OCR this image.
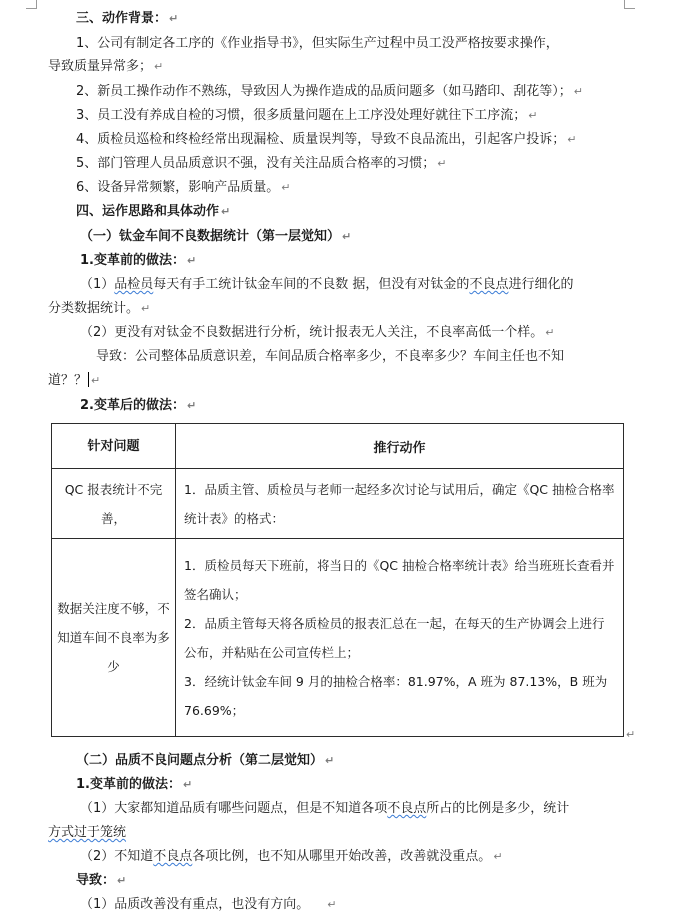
三、动作背景： ↵
1、公司有制定各工序的《作业指导书》，但实际生产过程中员工没严格按要求操作，
导致质量异常多； ↵
2、新员工操作动作不熟练，导致因人为操作造成的品质问题多（如马踏印、刮花等）； ↵
3、员工没有养成自检的习惯，很多质量问题在上工序没处理好就往下工序流； ↵
4、质检员巡检和终检经常出现漏检、质量误判等，导致不良品流出，引起客户投诉； ↵
5、部门管理人员品质意识不强，没有关注品质合格率的习惯； ↵
6、设备异常频繁，影响产品质量。 ↵
四、运作思路和具体动作 ↵
（一）钛金车间不良数据统计（第一层觉知） ↵
1.变革前的做法： ↵
（1）品检员每天有手工统计钛金车间的不良数 据，但没有对钛金的不良点进行细化的
分类数据统计。 ↵
（2）更没有对钛金不良数据进行分析，统计报表无人关注，不良率高低一个样。 ↵
导致：公司整体品质意识差，车间品质合格率多少，不良率多少？车间主任也不知
道？？ ↵
2.变革后的做法： ↵
针对问题	推行动作
QC 报表统计不完善，	1．品质主管、质检员与老师一起经多次讨论与试用后，确定《QC 抽检合格率统计表》的格式：

数据关注度不够，不知道车间不良率为多少	1．质检员每天下班前，将当日的《QC 抽检合格率统计表》给当班班长查看并签名确认；
2．品质主管每天将各质检员的报表汇总在一起，在每天的生产协调会上进行公布，并粘贴在公司宣传栏上；
3．经统计钛金车间 9 月的抽检合格率：81.97%，A 班为 87.13%，B 班为 76.69%；
↵
（二）品质不良问题点分析（第二层觉知） ↵
1.变革前的做法： ↵
（1）大家都知道品质有哪些问题点，但是不知道各项不良点所占的比例是多少，统计
方式过于笼统
（2）不知道不良点各项比例，也不知从哪里开始改善，改善就没重点。 ↵
导致： ↵
（1）品质改善没有重点，也没有方向。 ↵
